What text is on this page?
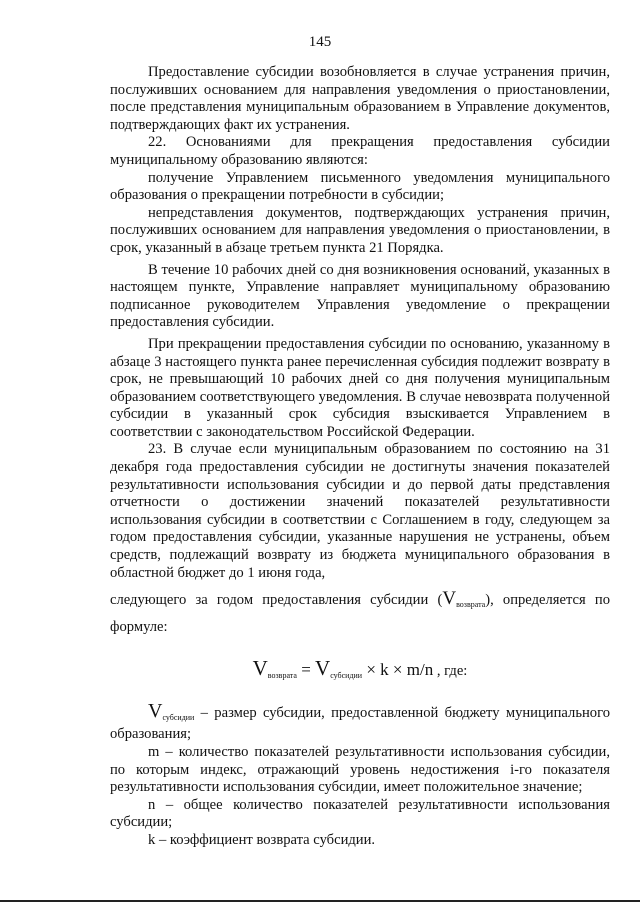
145

Предоставление субсидии возобновляется в случае устранения причин, послуживших основанием для направления уведомления о приостановлении, после представления муниципальным образованием в Управление документов, подтверждающих факт их устранения.

22. Основаниями для прекращения предоставления субсидии муниципальному образованию являются:

получение Управлением письменного уведомления муниципального образования о прекращении потребности в субсидии;

непредставления документов, подтверждающих устранения причин, послуживших основанием для направления уведомления о приостановлении, в срок, указанный в абзаце третьем пункта 21 Порядка.

В течение 10 рабочих дней со дня возникновения оснований, указанных в настоящем пункте, Управление направляет муниципальному образованию подписанное руководителем Управления уведомление о прекращении предоставления субсидии.

При прекращении предоставления субсидии по основанию, указанному в абзаце 3 настоящего пункта ранее перечисленная субсидия подлежит возврату в срок, не превышающий 10 рабочих дней со дня получения муниципальным образованием соответствующего уведомления. В случае невозврата полученной субсидии в указанный срок субсидия взыскивается Управлением в соответствии с законодательством Российской Федерации.

23. В случае если муниципальным образованием по состоянию на 31 декабря года предоставления субсидии не достигнуты значения показателей результативности использования субсидии и до первой даты представления отчетности о достижении значений показателей результативности использования субсидии в соответствии с Соглашением в году, следующем за годом предоставления субсидии, указанные нарушения не устранены, объем средств, подлежащий возврату из бюджета муниципального образования в областной бюджет до 1 июня года,

следующего за годом предоставления субсидии $(V_{возврата})$, определяется по формуле:

$V_{возврата} = V_{субсидии} \times k \times m/n$ , где:

$V_{субсидии}$ – размер субсидии, предоставленной бюджету муниципального образования;

m – количество показателей результативности использования субсидии, по которым индекс, отражающий уровень недостижения i-го показателя результативности использования субсидии, имеет положительное значение;

n – общее количество показателей результативности использования субсидии;

k – коэффициент возврата субсидии.
